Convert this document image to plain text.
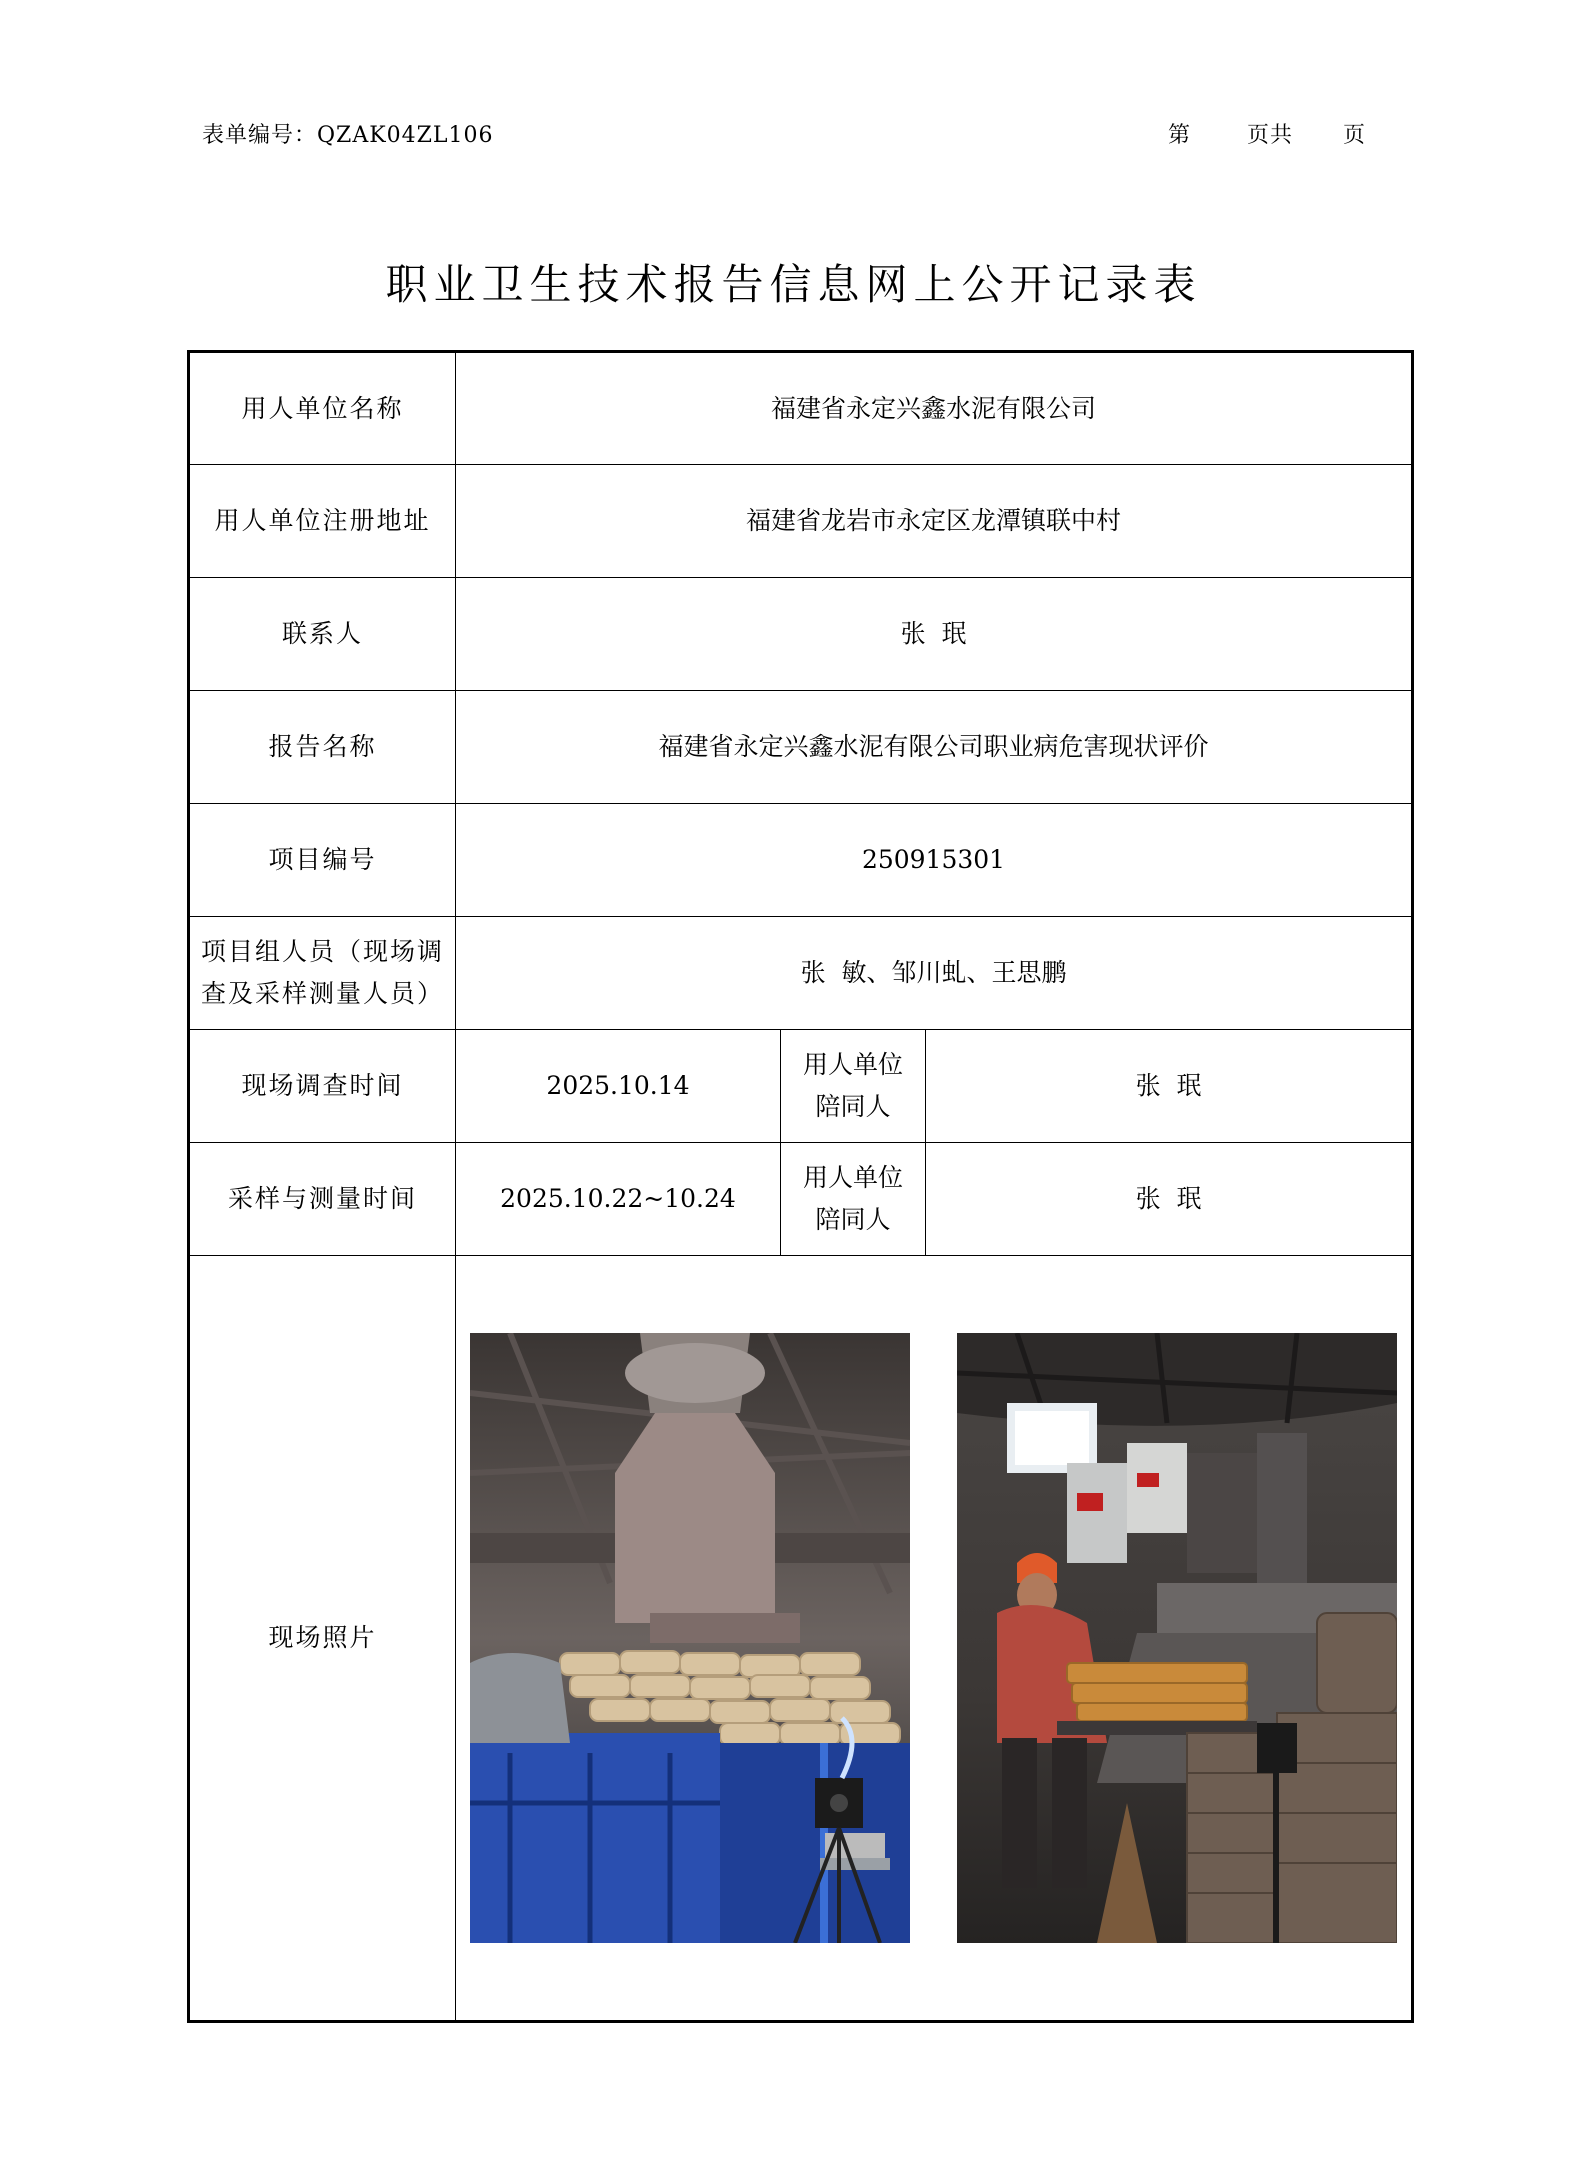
表单编号：QZAK04ZL106	第	页共 页
职业卫生技术报告信息网上公开记录表
用人单位名称	福建省永定兴鑫水泥有限公司		
用人单位注册地址	福建省龙岩市永定区龙潭镇联中村		
联系人	张  珉		
报告名称	福建省永定兴鑫水泥有限公司职业病危害现状评价		
项目编号	250915301		

项目组人员（现场调
查及采样测量人员）	张  敏、邹川虬、王思鹏		
现场调查时间	2025.10.14	用人单位
陪同人	张  珉
采样与测量时间	2025.10.22~10.24	用人单位
陪同人	张  珉
现场照片	
